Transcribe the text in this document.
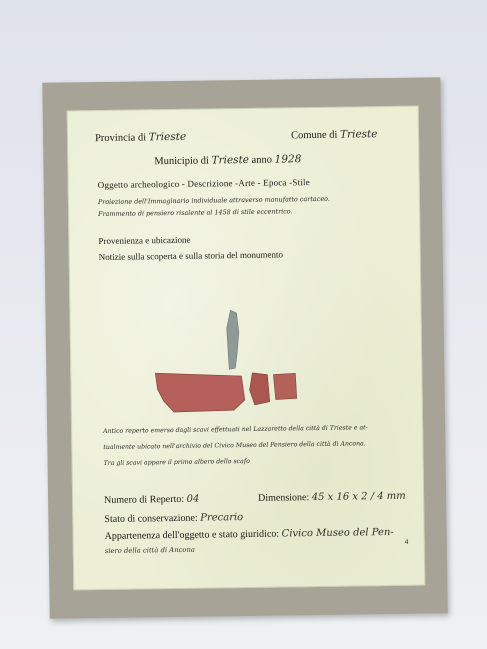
Provincia di Trieste	Comune di Trieste
Municipio di Trieste anno 1928
Oggetto archeologico - Descrizione -Arte - Epoca -Stile
Proiezione dell'Immaginario individuale attraverso manufatto cartaceo.
Frammento di pensiero risalente al 1458 di stile eccentrico.
Provenienza e ubicazione
Notizie sulla scoperta e sulla storia del monumento
Antico reperto emerso dagli scavi effettuati nel Lazzaretto della città di Trieste e at-
tualmente ubicato nell'archivio del Civico Museo del Pensiero della città di Ancona.
Tra gli scavi appare il primo albero dello scafo
Numero di Reperto: 04	Dimensione: 45 x 16 x 2 / 4 mm
Stato di conservazione: Precario
Appartenenza dell'oggetto e stato giuridico: Civico Museo del Pen-
siero della città di Ancona
4
